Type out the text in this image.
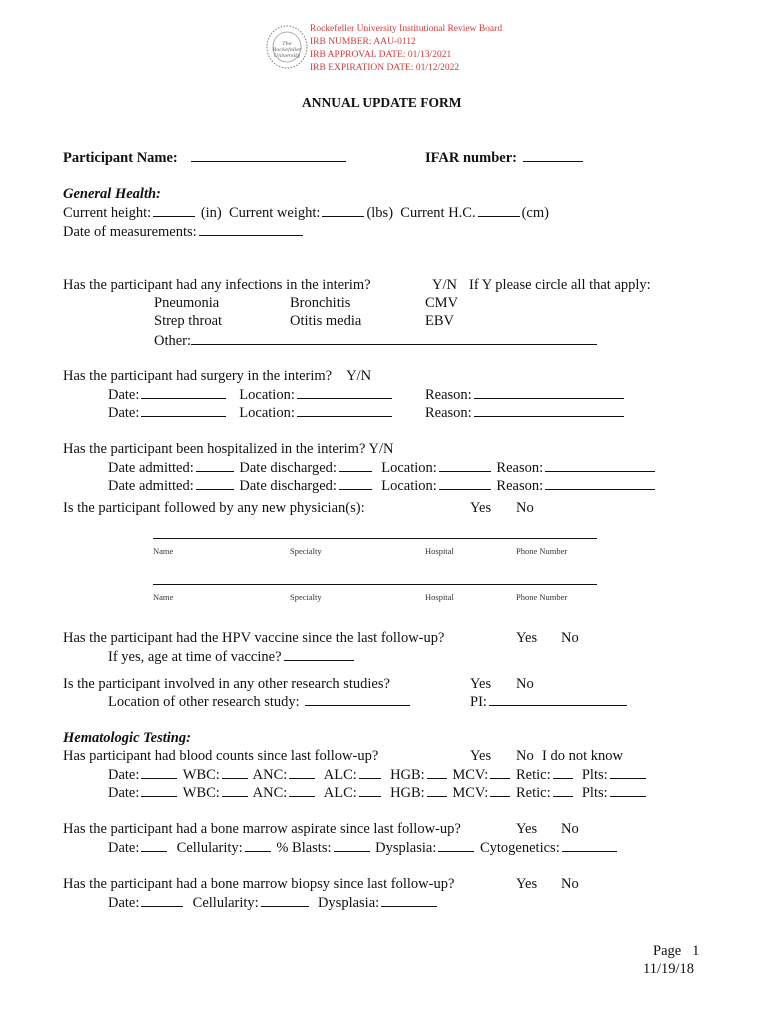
The
Rockefeller
University
Rockefeller University Institutional Review Board
IRB NUMBER: AAU-0112
IRB APPROVAL DATE: 01/13/2021
IRB EXPIRATION DATE: 01/12/2022
ANNUAL UPDATE FORM
Participant Name:	IFAR number:
General Health:
Current height:	(in) Current weight:	(lbs) Current H.C.	(cm)
Date of measurements:
Has the participant had any infections in the interim?	Y/N If Y please circle all that apply:
Pneumonia	Bronchitis	CMV
Strep throat	Otitis media	EBV
Other:
Has the participant had surgery in the interim? Y/N
Date:	Location:	Reason:
Date:	Location:	Reason:
Has the participant been hospitalized in the interim? Y/N
Date admitted:	Date discharged:	Location:	Reason:
Date admitted:	Date discharged:	Location:	Reason:
Is the participant followed by any new physician(s):	Yes No
Name	Specialty	Hospital	Phone Number
Name	Specialty	Hospital	Phone Number
Has the participant had the HPV vaccine since the last follow-up?	Yes No
If yes, age at time of vaccine?
Is the participant involved in any other research studies?	Yes No
Location of other research study:	PI:
Hematologic Testing:
Has participant had blood counts since last follow-up?	Yes No I do not know
Date:	WBC: ANC:	ALC: HGB: MCV: Retic: Plts:
Date:	WBC: ANC:	ALC: HGB: MCV: Retic: Plts:
Has the participant had a bone marrow aspirate since last follow-up?	Yes No
Date:	Cellularity: % Blasts:	Dysplasia:	Cytogenetics:
Has the participant had a bone marrow biopsy since last follow-up?	Yes No
Date:	Cellularity:	Dysplasia:
Page 1
11/19/18
